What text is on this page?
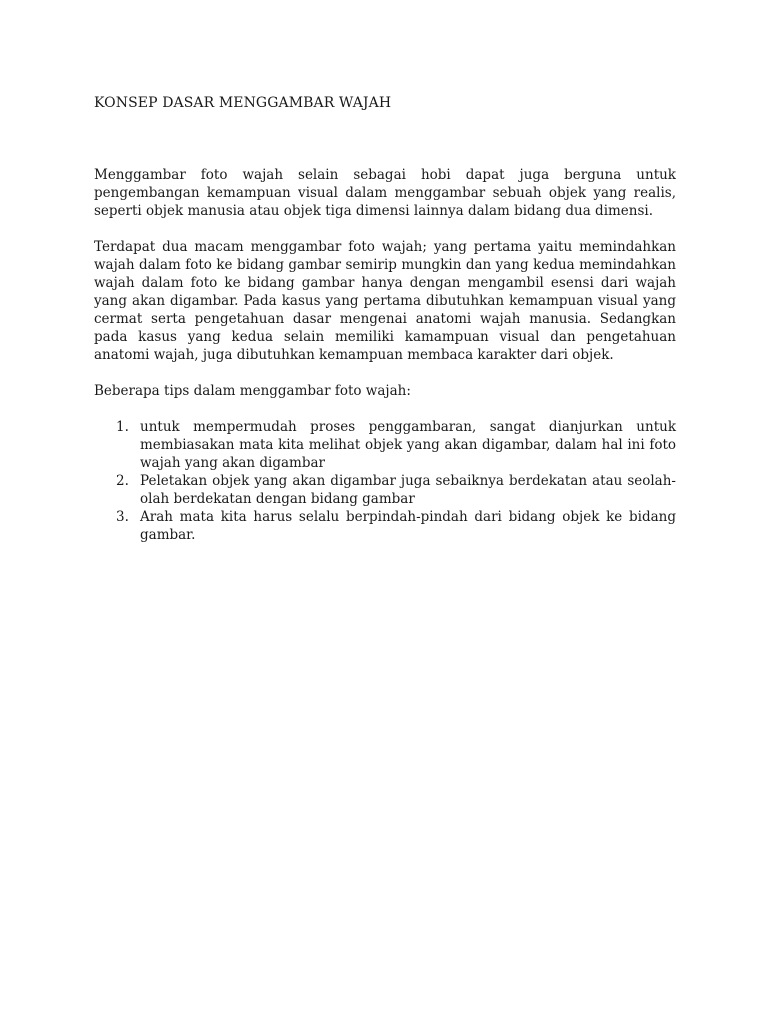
KONSEP DASAR MENGGAMBAR WAJAH

Menggambar foto wajah selain sebagai hobi dapat juga berguna untuk pengembangan kemampuan visual dalam menggambar sebuah objek yang realis, seperti objek manusia atau objek tiga dimensi lainnya dalam bidang dua dimensi.

Terdapat dua macam menggambar foto wajah; yang pertama yaitu memindahkan wajah dalam foto ke bidang gambar semirip mungkin dan yang kedua memindahkan wajah dalam foto ke bidang gambar hanya dengan mengambil esensi dari wajah yang akan digambar. Pada kasus yang pertama dibutuhkan kemampuan visual yang cermat serta pengetahuan dasar mengenai anatomi wajah manusia. Sedangkan pada kasus yang kedua selain memiliki kamampuan visual dan pengetahuan anatomi wajah, juga dibutuhkan kemampuan membaca karakter dari objek.

Beberapa tips dalam menggambar foto wajah:

1. untuk mempermudah proses penggambaran, sangat dianjurkan untuk membiasakan mata kita melihat objek yang akan digambar, dalam hal ini foto wajah yang akan digambar
2. Peletakan objek yang akan digambar juga sebaiknya berdekatan atau seolah-olah berdekatan dengan bidang gambar
3. Arah mata kita harus selalu berpindah-pindah dari bidang objek ke bidang gambar.
